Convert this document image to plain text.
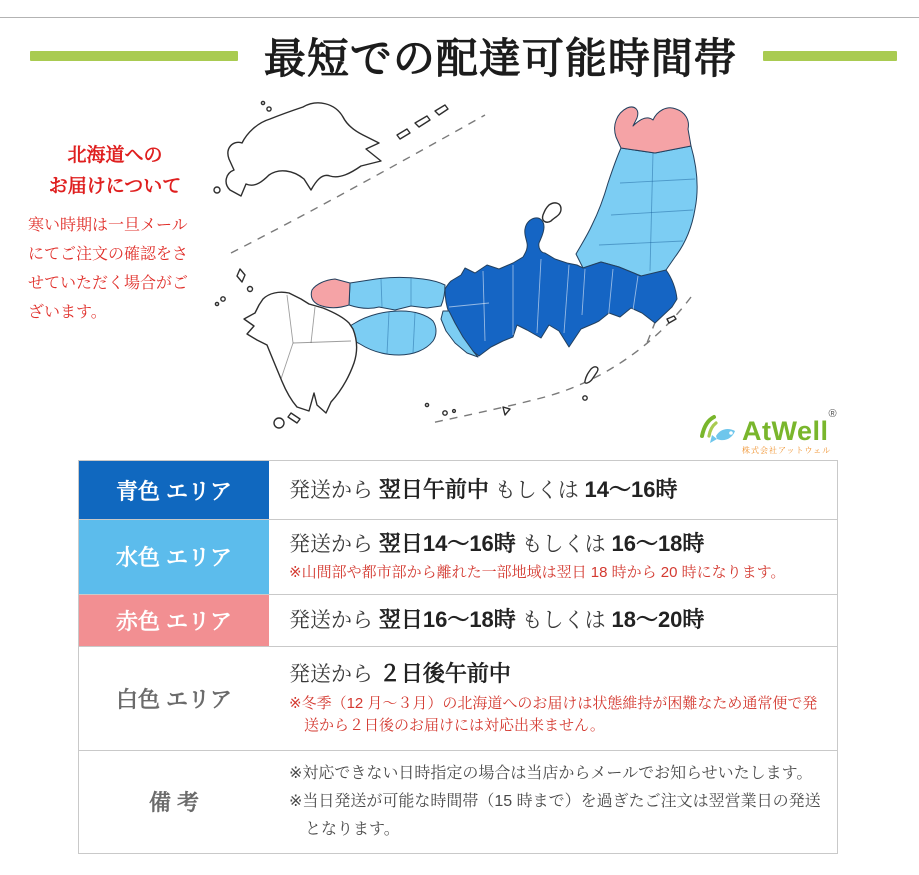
最短での配達可能時間帯
北海道への
お届けについて
寒い時期は一旦メールにてご注文の確認をさせていただく場合がございます。
AtWell®
株式会社アットウェル
青色 エリア	発送から 翌日午前中 もしくは 14〜16時
水色 エリア
発送から 翌日14〜16時 もしくは 16〜18時
※山間部や都市部から離れた一部地域は翌日 18 時から 20 時になります。
赤色 エリア	発送から 翌日16〜18時 もしくは 18〜20時
白色 エリア
発送から ２日後午前中
※冬季（12 月〜３月）の北海道へのお届けは状態維持が困難なため通常便で発送から２日後のお届けには対応出来ません。
備 考
※対応できない日時指定の場合は当店からメールでお知らせいたします。
※当日発送が可能な時間帯（15 時まで）を過ぎたご注文は翌営業日の発送となります。
